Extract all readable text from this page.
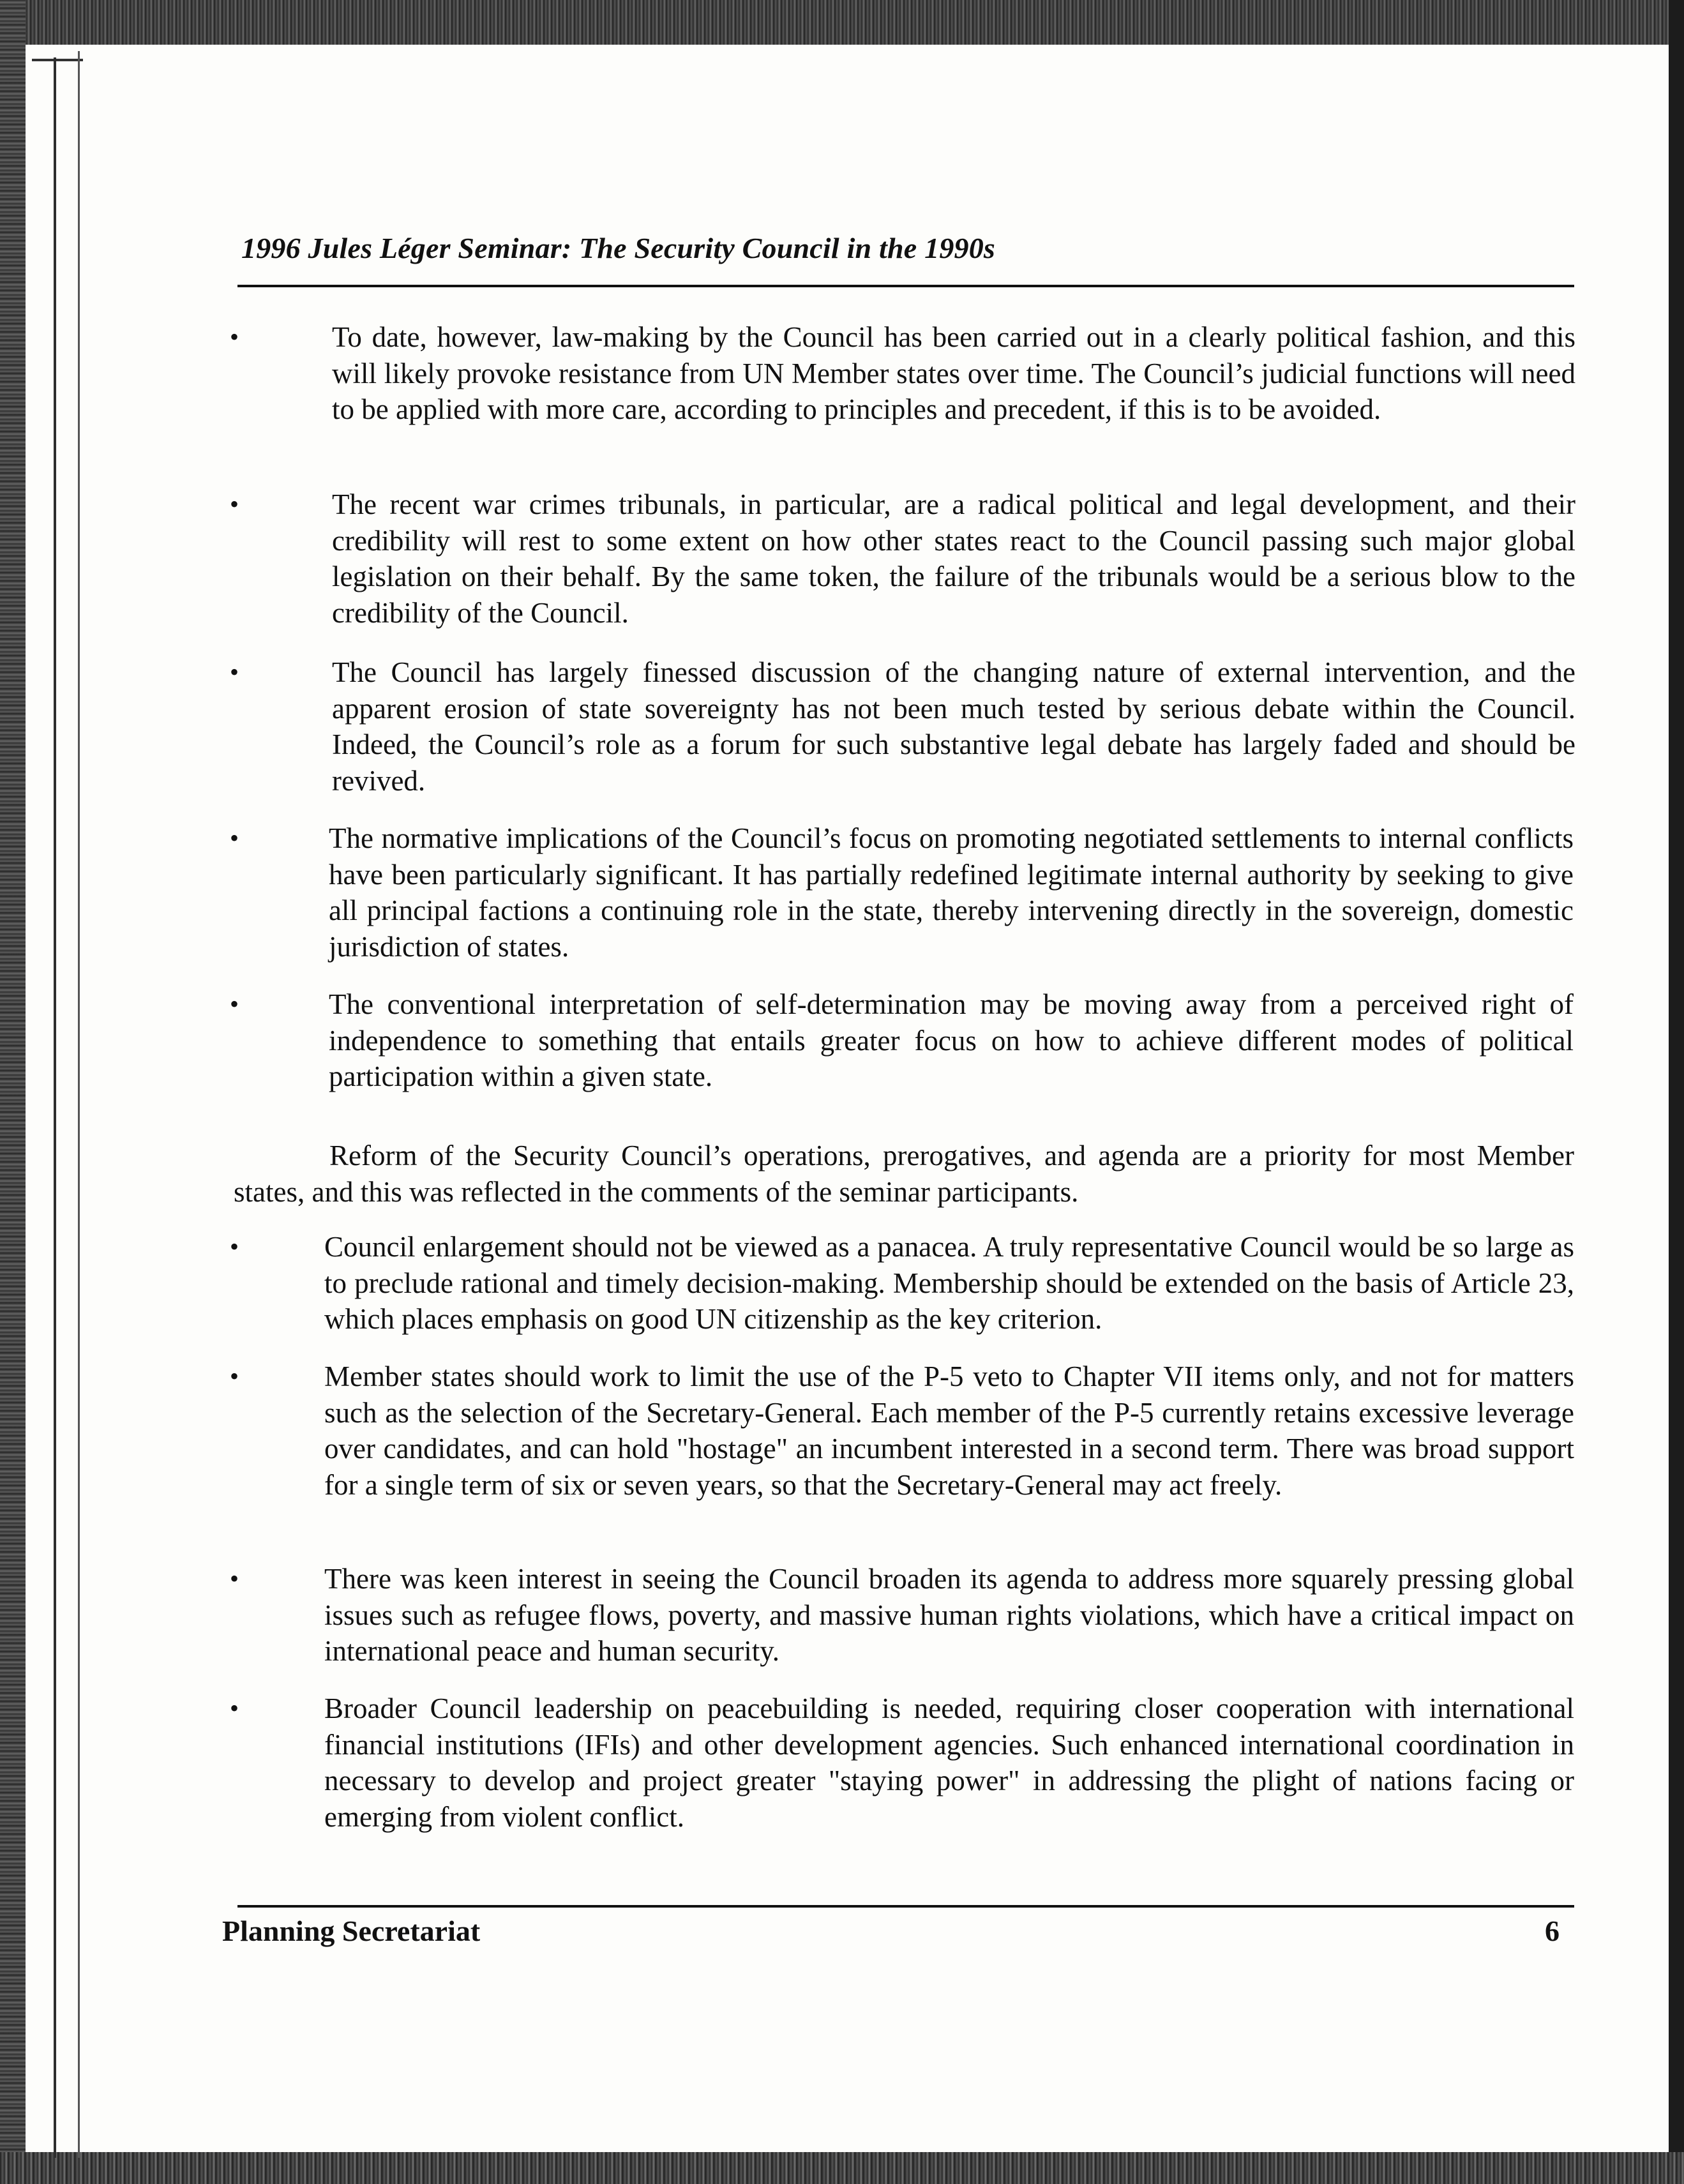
1996 Jules Léger Seminar: The Security Council in the 1990s
•	To date, however, law-making by the Council has been carried out in a clearly political fashion, and this will likely provoke resistance from UN Member states over time. The Council’s judicial functions will need to be applied with more care, according to principles and precedent, if this is to be avoided.
•	The recent war crimes tribunals, in particular, are a radical political and legal development, and their credibility will rest to some extent on how other states react to the Council passing such major global legislation on their behalf. By the same token, the failure of the tribunals would be a serious blow to the credibility of the Council.
•	The Council has largely finessed discussion of the changing nature of external intervention, and the apparent erosion of state sovereignty has not been much tested by serious debate within the Council. Indeed, the Council’s role as a forum for such substantive legal debate has largely faded and should be revived.
•	The normative implications of the Council’s focus on promoting negotiated settlements to internal conflicts have been particularly significant. It has partially redefined legitimate internal authority by seeking to give all principal factions a continuing role in the state, thereby intervening directly in the sovereign, domestic jurisdiction of states.
•	The conventional interpretation of self-determination may be moving away from a perceived right of independence to something that entails greater focus on how to achieve different modes of political participation within a given state.
Reform of the Security Council’s operations, prerogatives, and agenda are a priority for most Member states, and this was reflected in the comments of the seminar participants.
•	Council enlargement should not be viewed as a panacea. A truly representative Council would be so large as to preclude rational and timely decision-making. Membership should be extended on the basis of Article 23, which places emphasis on good UN citizenship as the key criterion.
•	Member states should work to limit the use of the P-5 veto to Chapter VII items only, and not for matters such as the selection of the Secretary-General. Each member of the P-5 currently retains excessive leverage over candidates, and can hold "hostage" an incumbent interested in a second term. There was broad support for a single term of six or seven years, so that the Secretary-General may act freely.
•	There was keen interest in seeing the Council broaden its agenda to address more squarely pressing global issues such as refugee flows, poverty, and massive human rights violations, which have a critical impact on international peace and human security.
•	Broader Council leadership on peacebuilding is needed, requiring closer cooperation with international financial institutions (IFIs) and other development agencies. Such enhanced international coordination in necessary to develop and project greater "staying power" in addressing the plight of nations facing or emerging from violent conflict.
Planning Secretariat	6
